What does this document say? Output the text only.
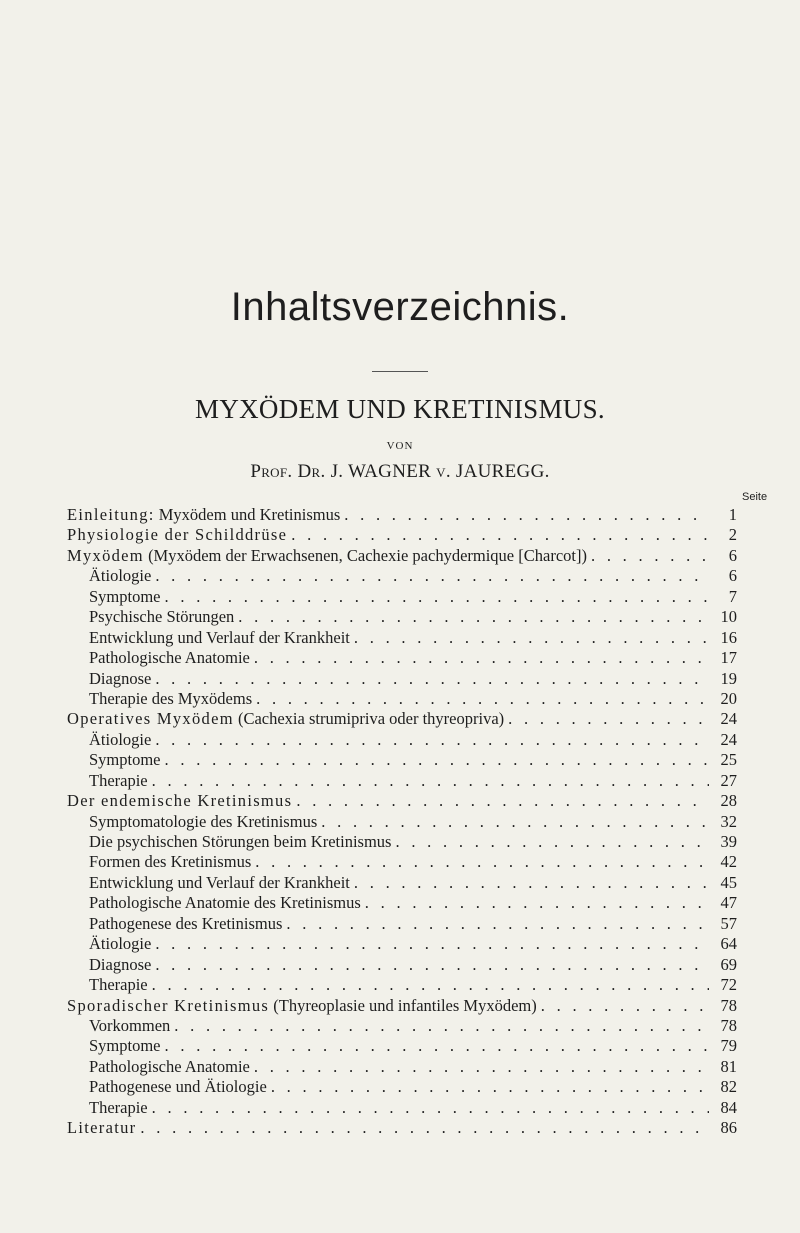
Inhaltsverzeichnis.
MYXÖDEM UND KRETINISMUS.
VON
Prof. Dr. J. WAGNER v. JAUREGG.
Seite
Einleitung: Myxödem und Kretinismus . . .	1
Physiologie der Schilddrüse . . .	2
Myxödem (Myxödem der Erwachsenen, Cachexie pachydermique [Charcot]) . . .	6
Ätiologie . . .	6
Symptome . . .	7
Psychische Störungen . . .	10
Entwicklung und Verlauf der Krankheit . . .	16
Pathologische Anatomie . . .	17
Diagnose . . .	19
Therapie des Myxödems . . .	20
Operatives Myxödem (Cachexia strumipriva oder thyreopriva) . . .	24
Ätiologie . . .	24
Symptome . . .	25
Therapie . . .	27
Der endemische Kretinismus . . .	28
Symptomatologie des Kretinismus . . .	32
Die psychischen Störungen beim Kretinismus . . .	39
Formen des Kretinismus . . .	42
Entwicklung und Verlauf der Krankheit . . .	45
Pathologische Anatomie des Kretinismus . . .	47
Pathogenese des Kretinismus . . .	57
Ätiologie . . .	64
Diagnose . . .	69
Therapie . . .	72
Sporadischer Kretinismus (Thyreoplasie und infantiles Myxödem) . . .	78
Vorkommen . . .	78
Symptome . . .	79
Pathologische Anatomie . . .	81
Pathogenese und Ätiologie . . .	82
Therapie . . .	84
Literatur . . .	86
